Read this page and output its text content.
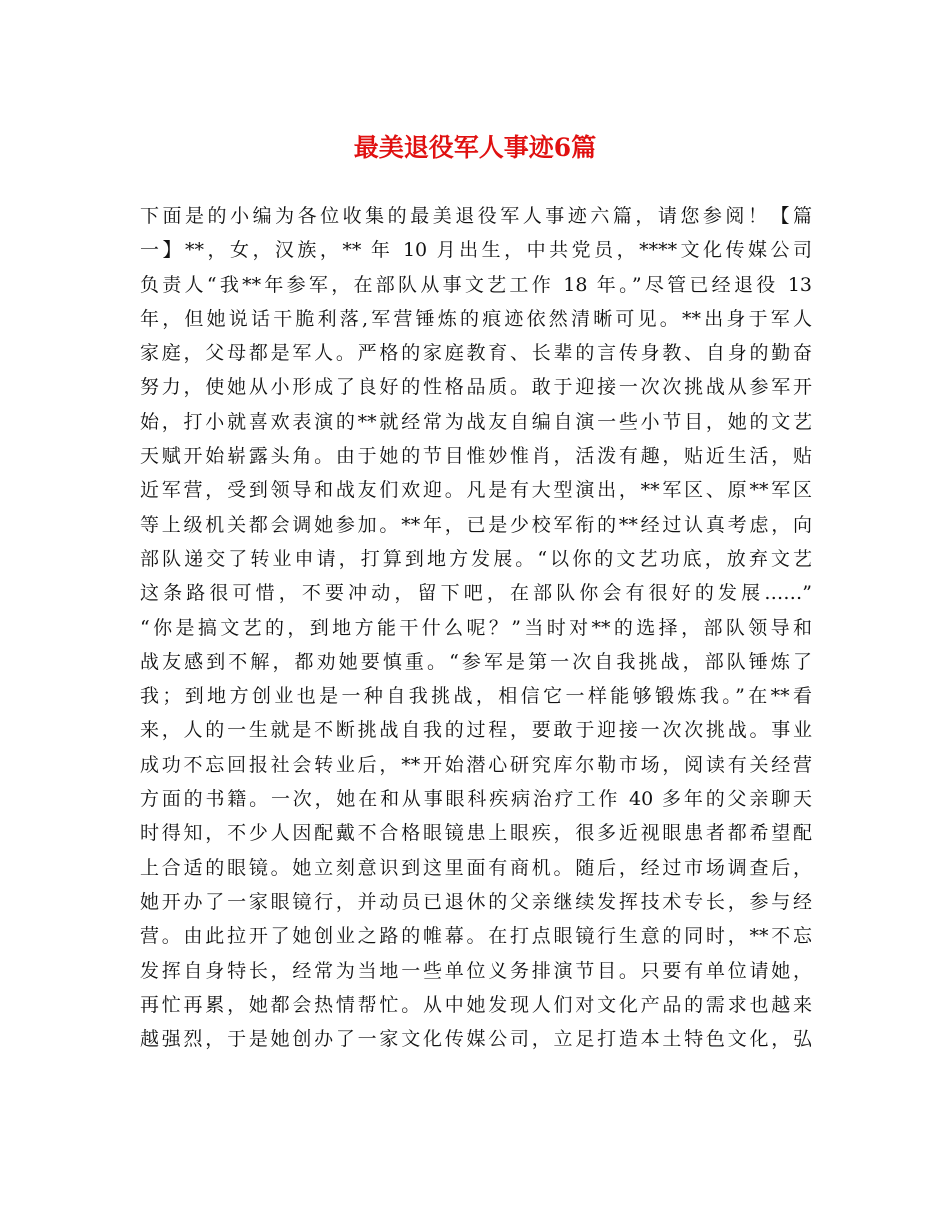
最美退役军人事迹6篇
下面是的小编为各位收集的最美退役军人事迹六篇，请您参阅！【篇
一】**，女，汉族，** 年 10 月出生，中共党员，****文化传媒公司
负责人“我**年参军，在部队从事文艺工作 18 年。”尽管已经退役 13
年，但她说话干脆利落,军营锤炼的痕迹依然清晰可见。**出身于军人
家庭，父母都是军人。严格的家庭教育、长辈的言传身教、自身的勤奋
努力，使她从小形成了良好的性格品质。敢于迎接一次次挑战从参军开
始，打小就喜欢表演的**就经常为战友自编自演一些小节目，她的文艺
天赋开始崭露头角。由于她的节目惟妙惟肖，活泼有趣，贴近生活，贴
近军营，受到领导和战友们欢迎。凡是有大型演出，**军区、原**军区
等上级机关都会调她参加。**年，已是少校军衔的**经过认真考虑，向
部队递交了转业申请，打算到地方发展。“以你的文艺功底，放弃文艺
这条路很可惜，不要冲动，留下吧，在部队你会有很好的发展……”
“你是搞文艺的，到地方能干什么呢？”当时对**的选择，部队领导和
战友感到不解，都劝她要慎重。“参军是第一次自我挑战，部队锤炼了
我；到地方创业也是一种自我挑战，相信它一样能够锻炼我。”在**看
来，人的一生就是不断挑战自我的过程，要敢于迎接一次次挑战。事业
成功不忘回报社会转业后，**开始潜心研究库尔勒市场，阅读有关经营
方面的书籍。一次，她在和从事眼科疾病治疗工作 40 多年的父亲聊天
时得知，不少人因配戴不合格眼镜患上眼疾，很多近视眼患者都希望配
上合适的眼镜。她立刻意识到这里面有商机。随后，经过市场调查后，
她开办了一家眼镜行，并动员已退休的父亲继续发挥技术专长，参与经
营。由此拉开了她创业之路的帷幕。在打点眼镜行生意的同时，**不忘
发挥自身特长，经常为当地一些单位义务排演节目。只要有单位请她，
再忙再累，她都会热情帮忙。从中她发现人们对文化产品的需求也越来
越强烈，于是她创办了一家文化传媒公司，立足打造本土特色文化，弘
